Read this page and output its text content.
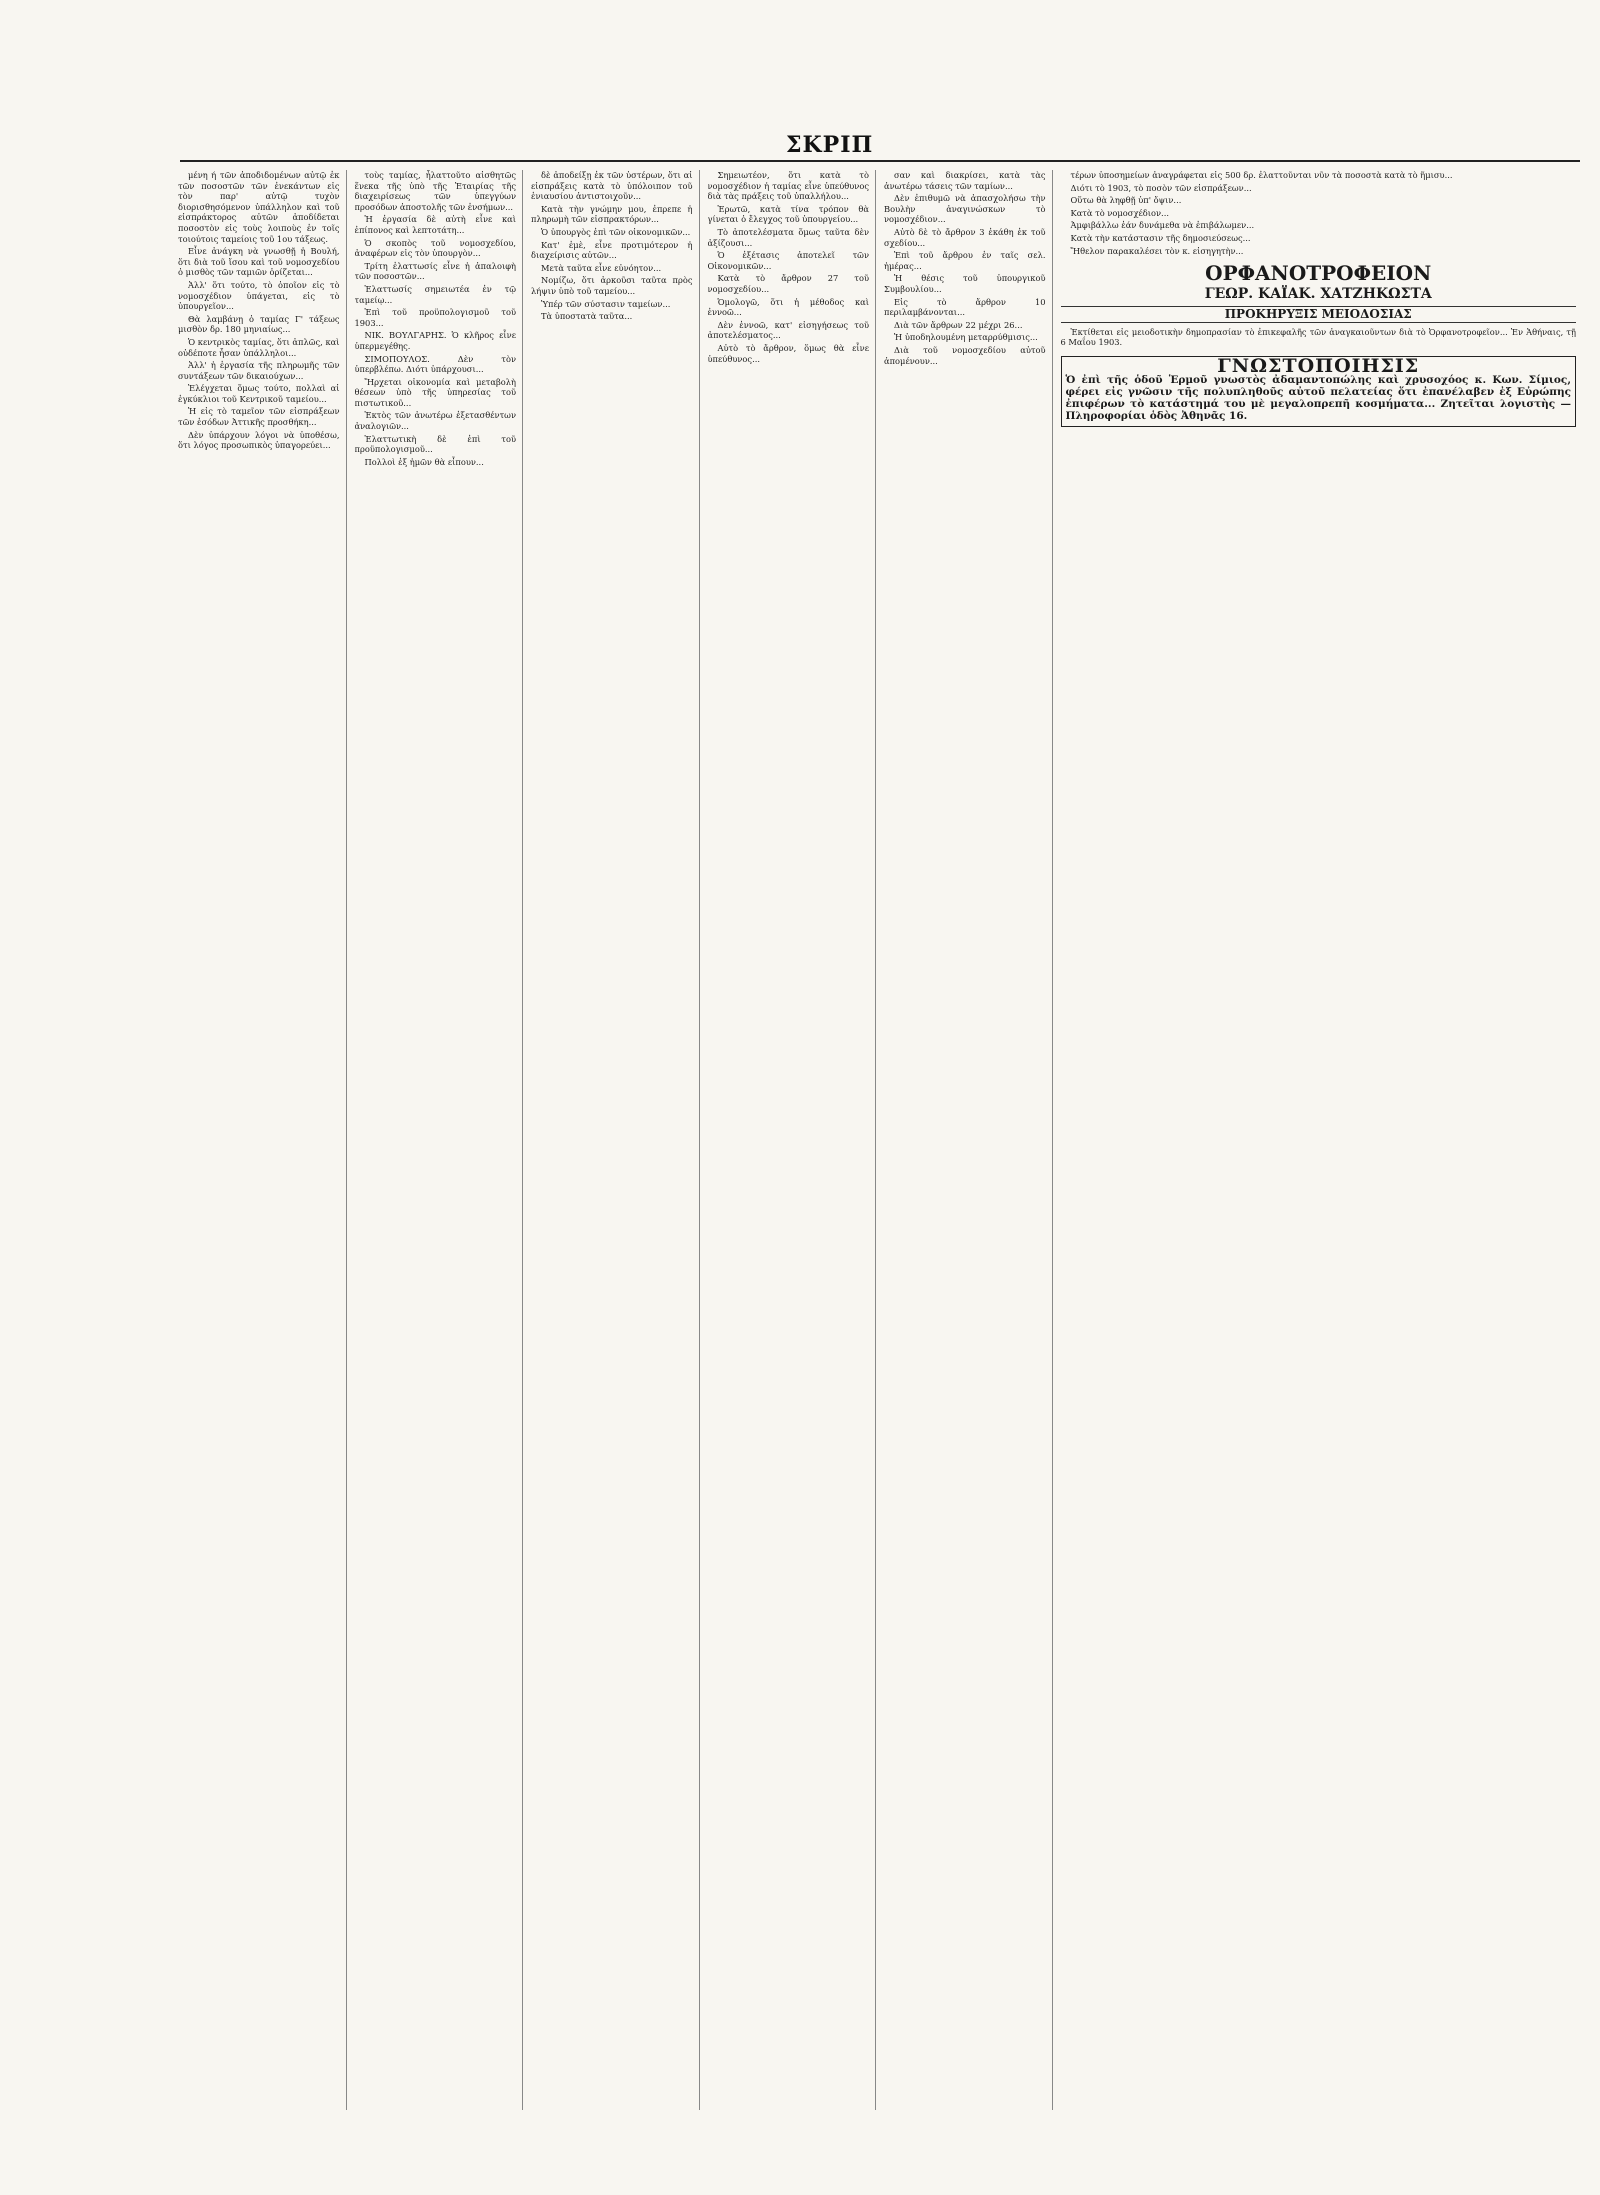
ΣΚΡΙΠ

μένη ή τῶν ἀποδιδομένων αὐτῷ ἐκ τῶν ποσοστῶν τῶν ἐνεκάντων εἰς τὸν παρ' αὐτῷ τυχὸν διορισθησόμενον ὑπάλληλον καὶ τοῦ εἰσπράκτορος αὐτῶν ἀποδίδεται ποσοστὸν εἰς τοὺς λοιποὺς ἐν τοῖς τοιούτοις ταμείοις τοῦ 1ου τάξεως.

Εἶνε ἀνάγκη νὰ γνωσθῇ ἡ Βουλή, ὅτι διὰ τοῦ ἴσου καὶ τοῦ νομοσχεδίου ὁ μισθὸς τῶν ταμιῶν ὁρίζεται...

Ἀλλ' ὅτι τούτο, τὸ ὁποῖον εἰς τὸ νομοσχέδιον ὑπάγεται, εἰς τὸ ὑπουργεῖον...

Θὰ λαμβάνῃ ὁ ταμίας Γ' τάξεως μισθὸν δρ. 180 μηνιαίως...

Ὁ κεντρικὸς ταμίας, ὅτι ἀπλῶς, καὶ οὐδέποτε ἦσαν ὑπάλληλοι...

Ἀλλ' ἡ ἐργασία τῆς πληρωμῆς τῶν συντάξεων τῶν δικαιούχων...

Ἐλέγχεται ὅμως τούτο, πολλαὶ αἱ ἐγκύκλιοι τοῦ Κεντρικοῦ ταμείου...

Ἡ εἰς τὸ ταμεῖον τῶν εἰσπράξεων τῶν ἐσόδων Ἀττικῆς προσθήκη...

Δὲν ὑπάρχουν λόγοι νὰ ὑποθέσω, ὅτι λόγος προσωπικὸς ὑπαγορεύει...

τοὺς ταμίας, ἦλαττοῦτο αἰσθητῶς ἕνεκα τῆς ὑπὸ τῆς Ἑταιρίας τῆς διαχειρίσεως τῶν ὑπεγγύων προσόδων ἀποστολῆς τῶν ἐνσήμων...

Ἡ ἐργασία δὲ αὐτὴ εἶνε καὶ ἐπίπονος καὶ λεπτοτάτη...

Ὁ σκοπὸς τοῦ νομοσχεδίου, ἀναφέρων εἰς τὸν ὑπουργὸν...

Τρίτη ἐλαττωσίς εἶνε ἡ ἀπαλοιφὴ τῶν ποσοστῶν...

Ἐλαττωσίς σημειωτέα ἐν τῷ ταμείῳ...

Ἐπὶ τοῦ προϋπολογισμοῦ τοῦ 1903...

ΝΙΚ. ΒΟΥΛΓΑΡΗΣ. Ὁ κλῆρος εἶνε ὑπερμεγέθης.

ΣΙΜΟΠΟΥΛΟΣ. Δὲν τὸν ὑπερβλέπω. Διότι ὑπάρχουσι...

Ἤρχεται οἰκονομία καὶ μεταβολὴ θέσεων ὑπὸ τῆς ὑπηρεσίας τοῦ πιστωτικοῦ...

Ἐκτὸς τῶν ἀνωτέρω ἐξετασθέντων ἀναλογιῶν...

Ἐλαττωτικὴ δὲ ἐπὶ τοῦ προϋπολογισμοῦ...

Πολλοὶ ἐξ ἡμῶν θὰ εἶπουν...

δὲ ἀποδείξῃ ἐκ τῶν ὑστέρων, ὅτι αἱ εἰσπράξεις κατὰ τὸ ὑπόλοιπον τοῦ ἐνιαυσίου ἀντιστοιχοῦν...

Κατὰ τὴν γνώμην μου, ἐπρεπε ἡ πληρωμὴ τῶν εἰσπρακτόρων...

Ὁ ὑπουργὸς ἐπὶ τῶν οἰκονομικῶν...

Κατ' ἐμὲ, εἶνε προτιμότερον ἡ διαχείρισις αὐτῶν...

Μετὰ ταῦτα εἶνε εὐνόητον...

Νομίζω, ὅτι ἀρκοῦσι ταῦτα πρὸς λήψιν ὑπὸ τοῦ ταμείου...

Ὑπέρ τῶν σύστασιν ταμείων...

Τὰ ὑποστατὰ ταῦτα...

Σημειωτέον, ὅτι κατὰ τὸ νομοσχέδιον ἡ ταμίας εἶνε ὑπεύθυνος διὰ τὰς πράξεις τοῦ ὑπαλλήλου...

Ἐρωτῶ, κατὰ τίνα τρόπον θὰ γίνεται ὁ ἔλεγχος τοῦ ὑπουργείου...

Τὸ ἀποτελέσματα ὅμως ταῦτα δὲν ἀξίζουσι...

Ὁ ἐξέτασις ἀποτελεῖ τῶν Οἰκονομικῶν...

Κατὰ τὸ ἄρθρον 27 τοῦ νομοσχεδίου...

Ὁμολογῶ, ὅτι ἡ μέθοδος καὶ ἐννοῶ...

Δὲν ἐννοῶ, κατ' εἰσηγήσεως τοῦ ἀποτελέσματος...

Αὐτὸ τὸ ἄρθρον, ὅμως θὰ εἶνε ὑπεύθυνος...

σαν καὶ διακρίσει, κατὰ τὰς ἀνωτέρω τάσεις τῶν ταμίων...

Δὲν ἐπιθυμῶ νὰ ἀπασχολήσω τὴν Βουλὴν ἀναγινώσκων τὸ νομοσχέδιον...

Αὐτὸ δὲ τὸ ἄρθρον 3 ἐκάθη ἐκ τοῦ σχεδίου...

Ἐπὶ τοῦ ἄρθρου ἐν ταῖς σελ. ἡμέρας...

Ἡ θέσις τοῦ ὑπουργικοῦ Συμβουλίου...

Εἰς τὸ ἄρθρον 10 περιλαμβάνονται...

Διὰ τῶν ἄρθρων 22 μέχρι 26...

Ἡ ὑποδηλουμένη μεταρρύθμισις...

Διὰ τοῦ νομοσχεδίου αὐτοῦ ἀπομένουν...

τέρων ὑποσημείων ἀναγράφεται εἰς 500 δρ. ἐλαττοῦνται νῦν τὰ ποσοστὰ κατὰ τὸ ἥμισυ...

Διότι τὸ 1903, τὸ ποσὸν τῶν εἰσπράξεων...

Οὕτω θὰ ληφθῇ ὑπ' ὄψιν...

Κατὰ τὸ νομοσχέδιον...

Ἀμφιβάλλω ἐάν δυνάμεθα νὰ ἐπιβάλωμεν...

Κατὰ τὴν κατάστασιν τῆς δημοσιεύσεως...

Ἤθελον παρακαλέσει τὸν κ. εἰσηγητὴν...

ΟΡΦΑΝΟΤΡΟΦΕΙΟΝ
ΓΕΩΡ. ΚΑΪΑΚ. ΧΑΤΖΗΚΩΣΤΑ
ΠΡΟΚΗΡΥΞΙΣ ΜΕΙΟΔΟΣΙΑΣ

Ἐκτίθεται εἰς μειοδοτικὴν δημοπρασίαν τὸ ἐπικεφαλῆς τῶν ἀναγκαιοῦντων διὰ τὸ Ὀρφανοτροφεῖον... Ἐν Ἀθήναις, τῇ 6 Μαΐου 1903.

ΓΝΩΣΤΟΠΟΙΗΣΙΣ
Ὁ ἐπὶ τῆς ὁδοῦ Ἑρμοῦ γνωστὸς ἀδαμαντοπώλης καὶ χρυσοχόος κ. Κων. Σίμιος, φέρει εἰς γνῶσιν τῆς πολυπληθοῦς αὐτοῦ πελατείας ὅτι ἐπανέλαβεν ἐξ Εὐρώπης ἐπιφέρων τὸ κατάστημά του μὲ μεγαλοπρεπῆ κοσμήματα... Ζητεῖται λογιστὴς — Πληροφορίαι ὁδὸς Ἀθηνᾶς 16.
